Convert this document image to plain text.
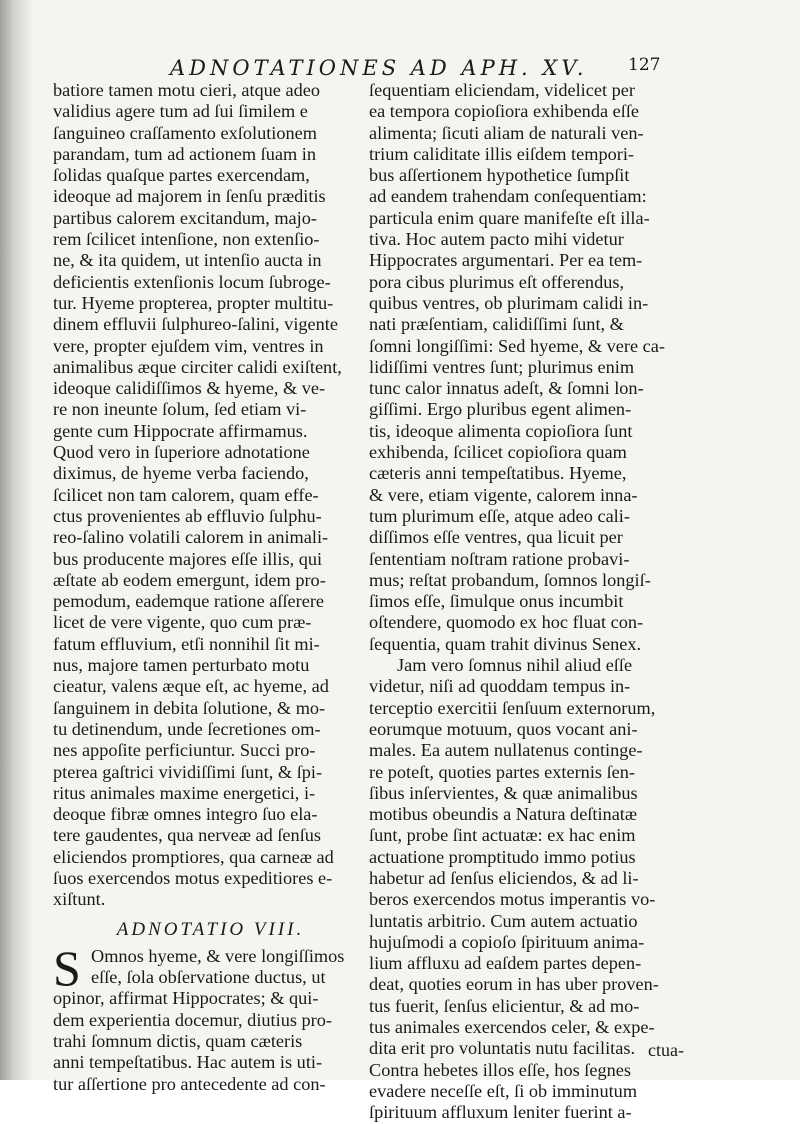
ADNOTATIONES AD APH. XV.	127
batiore tamen motu cieri, atque adeo
validius agere tum ad ſui ſimilem e
ſanguineo craſſamento exſolutionem
parandam, tum ad actionem ſuam in
ſolidas quaſque partes exercendam,
ideoque ad majorem in ſenſu præditis
partibus calorem excitandum, majo-
rem ſcilicet intenſione, non extenſio-
ne, & ita quidem, ut intenſio aucta in
deficientis extenſionis locum ſubroge-
tur. Hyeme propterea, propter multitu-
dinem effluvii ſulphureo-ſalini, vigente
vere, propter ejuſdem vim, ventres in
animalibus æque circiter calidi exiſtent,
ideoque calidiſſimos & hyeme, & ve-
re non ineunte ſolum, ſed etiam vi-
gente cum Hippocrate affirmamus.
Quod vero in ſuperiore adnotatione
diximus, de hyeme verba faciendo,
ſcilicet non tam calorem, quam effe-
ctus provenientes ab effluvio ſulphu-
reo-ſalino volatili calorem in animali-
bus producente majores eſſe illis, qui
æſtate ab eodem emergunt, idem pro-
pemodum, eademque ratione aſſerere
licet de vere vigente, quo cum præ-
fatum effluvium, etſi nonnihil ſit mi-
nus, majore tamen perturbato motu
cieatur, valens æque eſt, ac hyeme, ad
ſanguinem in debita ſolutione, & mo-
tu detinendum, unde ſecretiones om-
nes appoſite perficiuntur. Succi pro-
pterea gaſtrici vividiſſimi ſunt, & ſpi-
ritus animales maxime energetici, i-
deoque fibræ omnes integro ſuo ela-
tere gaudentes, qua nerveæ ad ſenſus
eliciendos promptiores, qua carneæ ad
ſuos exercendos motus expeditiores e-
xiſtunt.
ADNOTATIO VIII.
S Omnos hyeme, & vere longiſſimos
eſſe, ſola obſervatione ductus, ut
opinor, affirmat Hippocrates; & qui-
dem experientia docemur, diutius pro-
trahi ſomnum dictis, quam cæteris
anni tempeſtatibus. Hac autem is uti-
tur aſſertione pro antecedente ad con-
ſequentiam eliciendam, videlicet per
ea tempora copioſiora exhibenda eſſe
alimenta; ſicuti aliam de naturali ven-
trium caliditate illis eiſdem tempori-
bus aſſertionem hypothetice ſumpſit
ad eandem trahendam conſequentiam:
particula enim quare manifeſte eſt illa-
tiva. Hoc autem pacto mihi videtur
Hippocrates argumentari. Per ea tem-
pora cibus plurimus eſt offerendus,
quibus ventres, ob plurimam calidi in-
nati præſentiam, calidiſſimi ſunt, &
ſomni longiſſimi: Sed hyeme, & vere ca-
lidiſſimi ventres ſunt; plurimus enim
tunc calor innatus adeſt, & ſomni lon-
giſſimi. Ergo pluribus egent alimen-
tis, ideoque alimenta copioſiora ſunt
exhibenda, ſcilicet copioſiora quam
cæteris anni tempeſtatibus. Hyeme,
& vere, etiam vigente, calorem inna-
tum plurimum eſſe, atque adeo cali-
diſſimos eſſe ventres, qua licuit per
ſententiam noſtram ratione probavi-
mus; reſtat probandum, ſomnos longiſ-
ſimos eſſe, ſimulque onus incumbit
oſtendere, quomodo ex hoc fluat con-
ſequentia, quam trahit divinus Senex.
Jam vero ſomnus nihil aliud eſſe
videtur, niſi ad quoddam tempus in-
terceptio exercitii ſenſuum externorum,
eorumque motuum, quos vocant ani-
males. Ea autem nullatenus continge-
re poteſt, quoties partes externis ſen-
ſibus inſervientes, & quæ animalibus
motibus obeundis a Natura deſtinatæ
ſunt, probe ſint actuatæ: ex hac enim
actuatione promptitudo immo potius
habetur ad ſenſus eliciendos, & ad li-
beros exercendos motus imperantis vo-
luntatis arbitrio. Cum autem actuatio
hujuſmodi a copioſo ſpirituum anima-
lium affluxu ad eaſdem partes depen-
deat, quoties eorum in has uber proven-
tus fuerit, ſenſus elicientur, & ad mo-
tus animales exercendos celer, & expe-
dita erit pro voluntatis nutu facilitas.
Contra hebetes illos eſſe, hos ſegnes
evadere neceſſe eſt, ſi ob imminutum
ſpirituum affluxum leniter fuerint a-
ctua-
